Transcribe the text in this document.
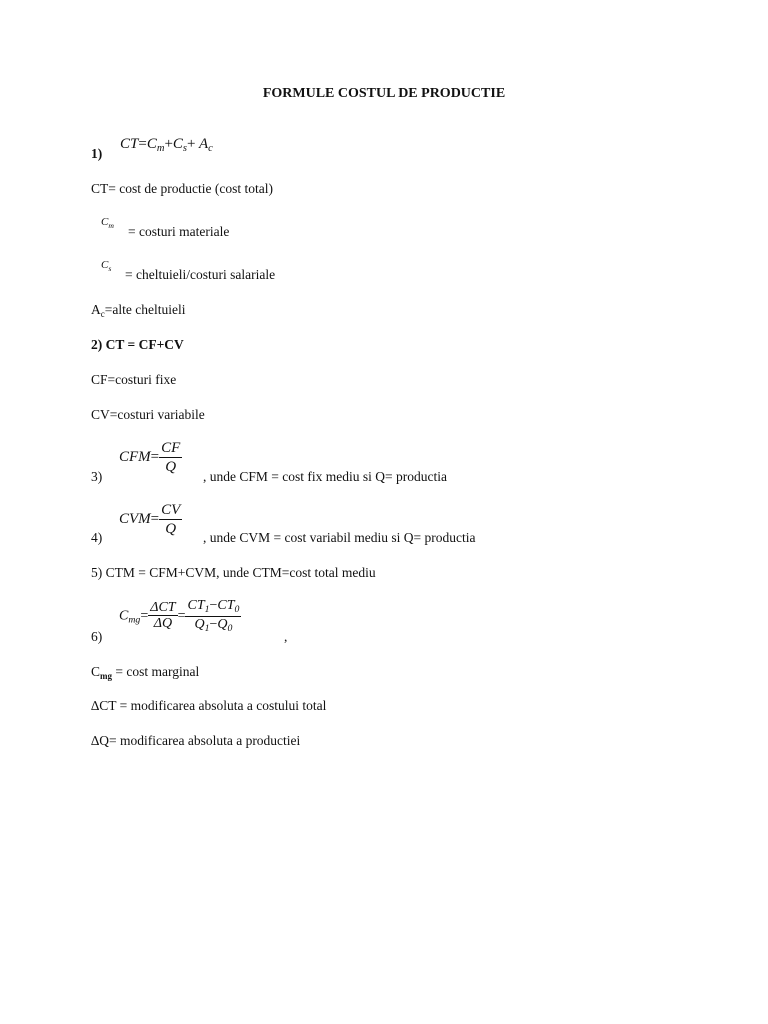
FORMULE COSTUL DE PRODUCTIE
1)
$CT=C_m+C_s+ A_c$
CT= cost de productie (cost total)
$C_m$ = costuri materiale
$C_s$ = cheltuieli/costuri salariale
$A_c=alte$ cheltuieli
2) CT = CF+CV
CF=costuri fixe
CV=costuri variabile
3)
$CFM= \frac{CF}{Q}$
, unde CFM = cost fix mediu si Q= productia
4)
$CVM= \frac{CV}{Q}$ , unde CVM = cost variabil mediu si Q= productia
5) CTM = CFM+CVM, unde CTM=cost total mediu
6)
$C_{mg}= \frac{\text{ΔCT}}{\Delta Q} = \frac{CT_1-CT_0}{Q_1-Q_0}$
,
$C_{mg} = \cos t$ marginal
∆CT = modificarea absoluta a costului total
∆Q= modificarea absoluta a productiei
